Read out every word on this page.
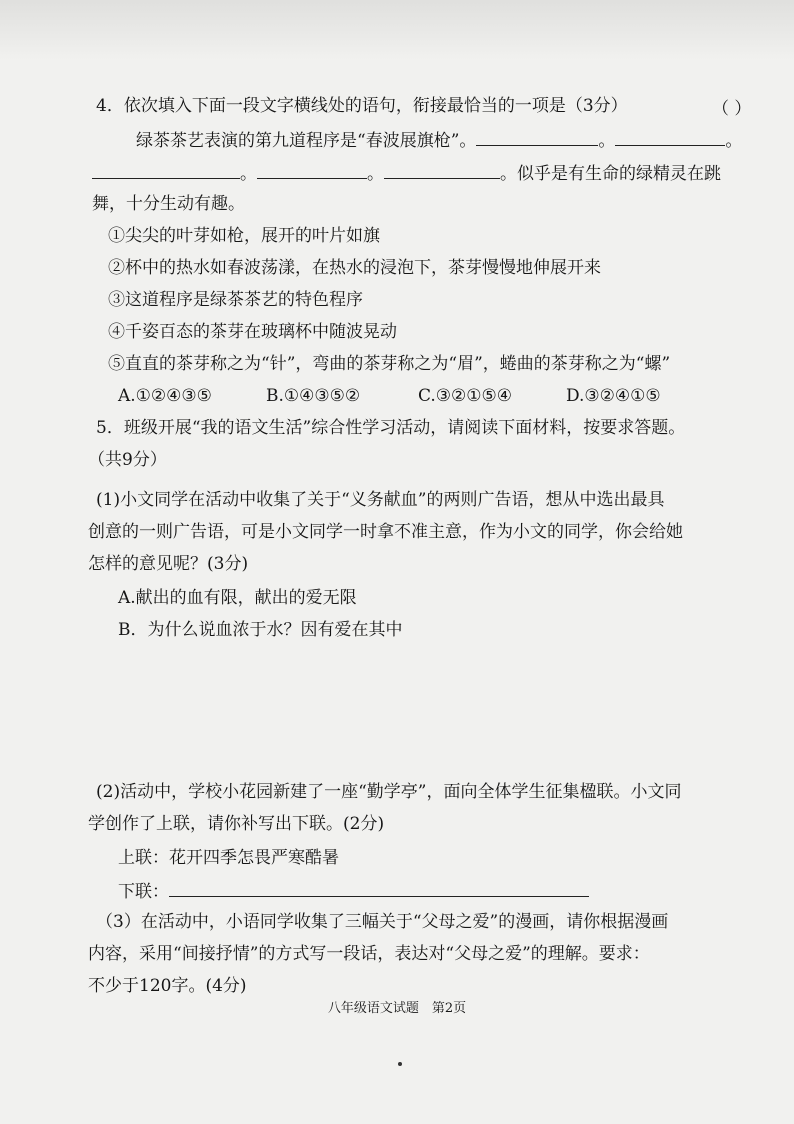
4．依次填入下面一段文字横线处的语句，衔接最恰当的一项是（3分）	（ ）
绿茶茶艺表演的第九道程序是“春波展旗枪”。	。	。
。	。	。似乎是有生命的绿精灵在跳
舞，十分生动有趣。
①尖尖的叶芽如枪，展开的叶片如旗
②杯中的热水如春波荡漾，在热水的浸泡下，茶芽慢慢地伸展开来
③这道程序是绿茶茶艺的特色程序
④千姿百态的茶芽在玻璃杯中随波晃动
⑤直直的茶芽称之为“针”，弯曲的茶芽称之为“眉”，蜷曲的茶芽称之为“螺”
A.①②④③⑤	B.①④③⑤②	C.③②①⑤④	D.③②④①⑤
5．班级开展“我的语文生活”综合性学习活动，请阅读下面材料，按要求答题。
（共9分）
(1)小文同学在活动中收集了关于“义务献血”的两则广告语，想从中选出最具
创意的一则广告语，可是小文同学一时拿不准主意，作为小文的同学，你会给她
怎样的意见呢？(3分)
A.献出的血有限，献出的爱无限
B．为什么说血浓于水？因有爱在其中
(2)活动中，学校小花园新建了一座“勤学亭”，面向全体学生征集楹联。小文同
学创作了上联，请你补写出下联。(2分)
上联：花开四季怎畏严寒酷暑
下联：
（3）在活动中，小语同学收集了三幅关于“父母之爱”的漫画，请你根据漫画
内容，采用“间接抒情”的方式写一段话，表达对“父母之爱”的理解。要求：
不少于120字。(4分)
八年级语文试题　第2页
